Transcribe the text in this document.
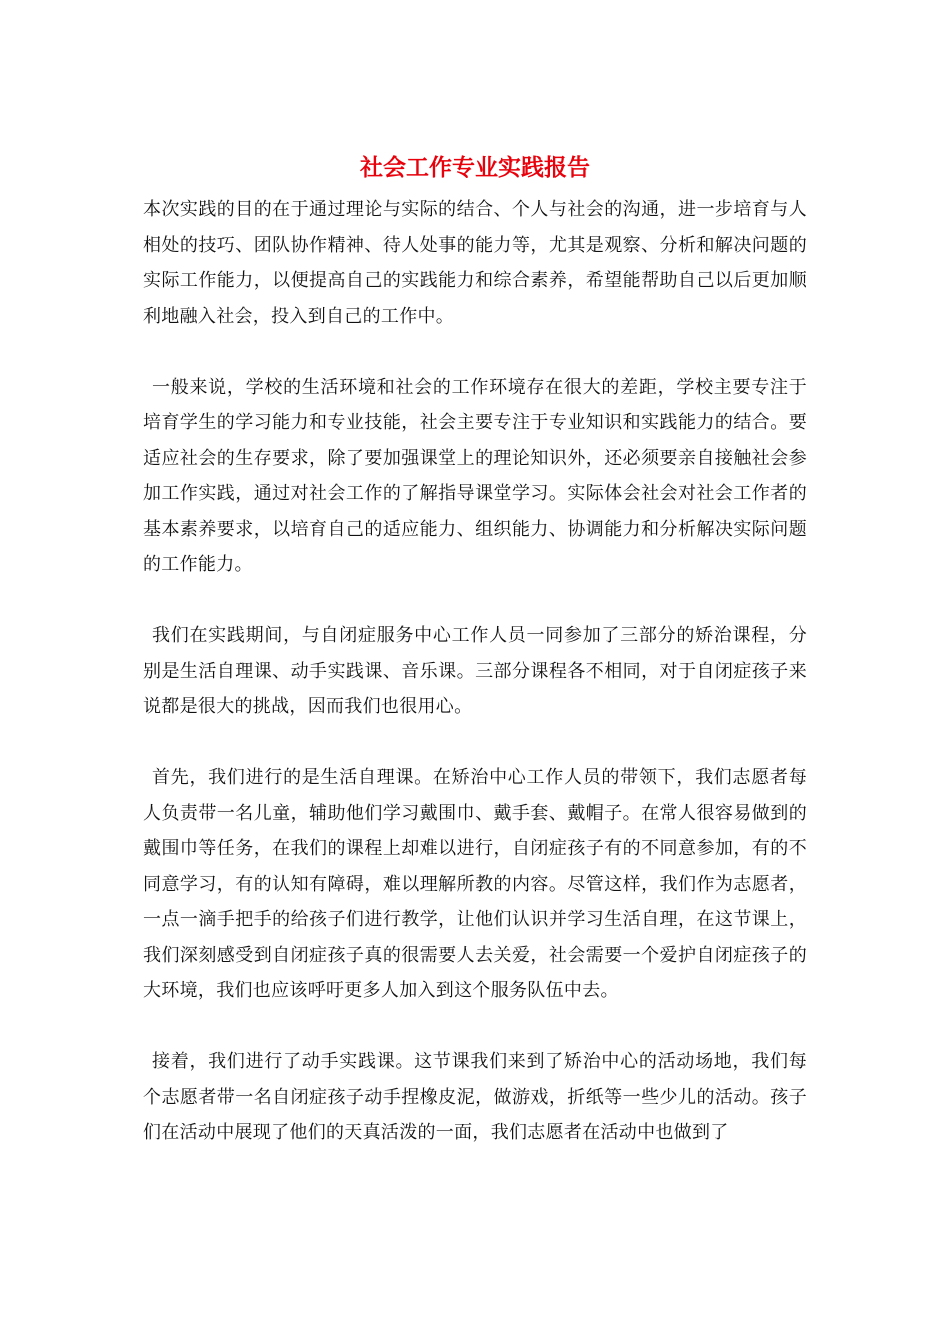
社会工作专业实践报告

本次实践的目的在于通过理论与实际的结合、个人与社会的沟通，进一步培育与人相处的技巧、团队协作精神、待人处事的能力等，尤其是观察、分析和解决问题的实际工作能力，以便提高自己的实践能力和综合素养，希望能帮助自己以后更加顺利地融入社会，投入到自己的工作中。

一般来说，学校的生活环境和社会的工作环境存在很大的差距，学校主要专注于培育学生的学习能力和专业技能，社会主要专注于专业知识和实践能力的结合。要适应社会的生存要求，除了要加强课堂上的理论知识外，还必须要亲自接触社会参加工作实践，通过对社会工作的了解指导课堂学习。实际体会社会对社会工作者的基本素养要求，以培育自己的适应能力、组织能力、协调能力和分析解决实际问题的工作能力。

我们在实践期间，与自闭症服务中心工作人员一同参加了三部分的矫治课程，分别是生活自理课、动手实践课、音乐课。三部分课程各不相同，对于自闭症孩子来说都是很大的挑战，因而我们也很用心。

首先，我们进行的是生活自理课。在矫治中心工作人员的带领下，我们志愿者每人负责带一名儿童，辅助他们学习戴围巾、戴手套、戴帽子。在常人很容易做到的戴围巾等任务，在我们的课程上却难以进行，自闭症孩子有的不同意参加，有的不同意学习，有的认知有障碍，难以理解所教的内容。尽管这样，我们作为志愿者，一点一滴手把手的给孩子们进行教学，让他们认识并学习生活自理，在这节课上，我们深刻感受到自闭症孩子真的很需要人去关爱，社会需要一个爱护自闭症孩子的大环境，我们也应该呼吁更多人加入到这个服务队伍中去。

接着，我们进行了动手实践课。这节课我们来到了矫治中心的活动场地，我们每个志愿者带一名自闭症孩子动手捏橡皮泥，做游戏，折纸等一些少儿的活动。孩子们在活动中展现了他们的天真活泼的一面，我们志愿者在活动中也做到了
